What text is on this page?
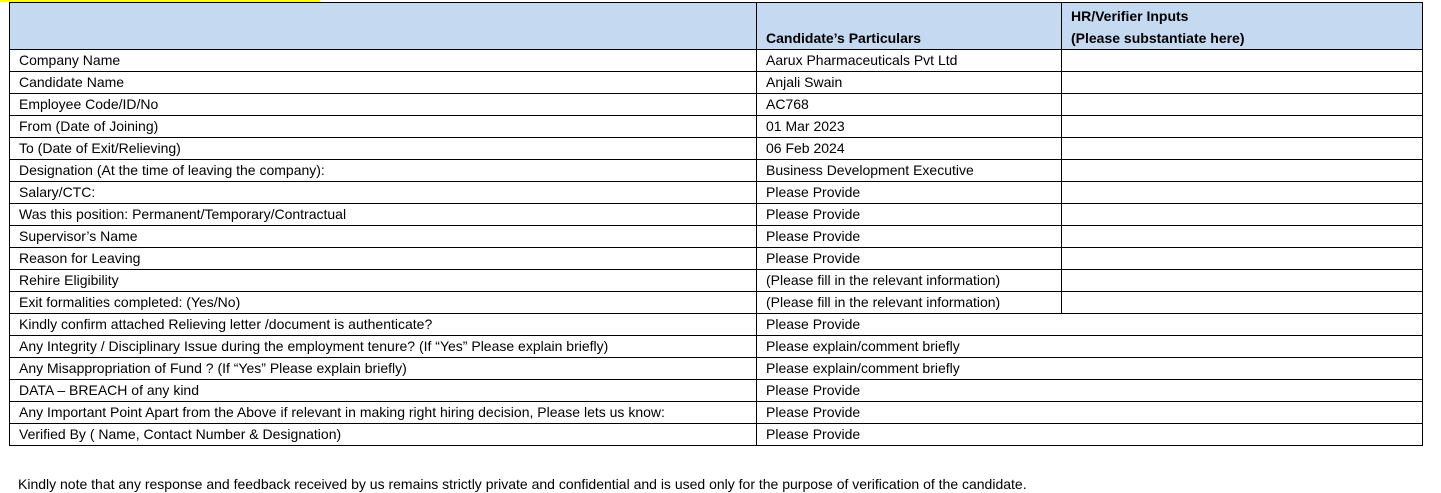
	Candidate’s Particulars	HR/Verifier Inputs
(Please substantiate here)

Company Name	Aarux Pharmaceuticals Pvt Ltd	
Candidate Name	Anjali Swain	
Employee Code/ID/No	AC768	
From (Date of Joining)	01 Mar 2023	
To (Date of Exit/Relieving)	06 Feb 2024	
Designation (At the time of leaving the company):	Business Development Executive	
Salary/CTC:	Please Provide	
Was this position: Permanent/Temporary/Contractual	Please Provide	
Supervisor’s Name	Please Provide	
Reason for Leaving	Please Provide	
Rehire Eligibility	(Please fill in the relevant information)	
Exit formalities completed: (Yes/No)	(Please fill in the relevant information)	
Kindly confirm attached Relieving letter /document is authenticate?	Please Provide	
Any Integrity / Disciplinary Issue during the employment tenure? (If “Yes” Please explain briefly)	Please explain/comment briefly	
Any Misappropriation of Fund ? (If “Yes” Please explain briefly)	Please explain/comment briefly	
DATA – BREACH of any kind	Please Provide	
Any Important Point Apart from the Above if relevant in making right hiring decision, Please lets us know:	Please Provide	
Verified By ( Name, Contact Number & Designation)	Please Provide	
Kindly note that any response and feedback received by us remains strictly private and confidential and is used only for the purpose of verification of the candidate.
